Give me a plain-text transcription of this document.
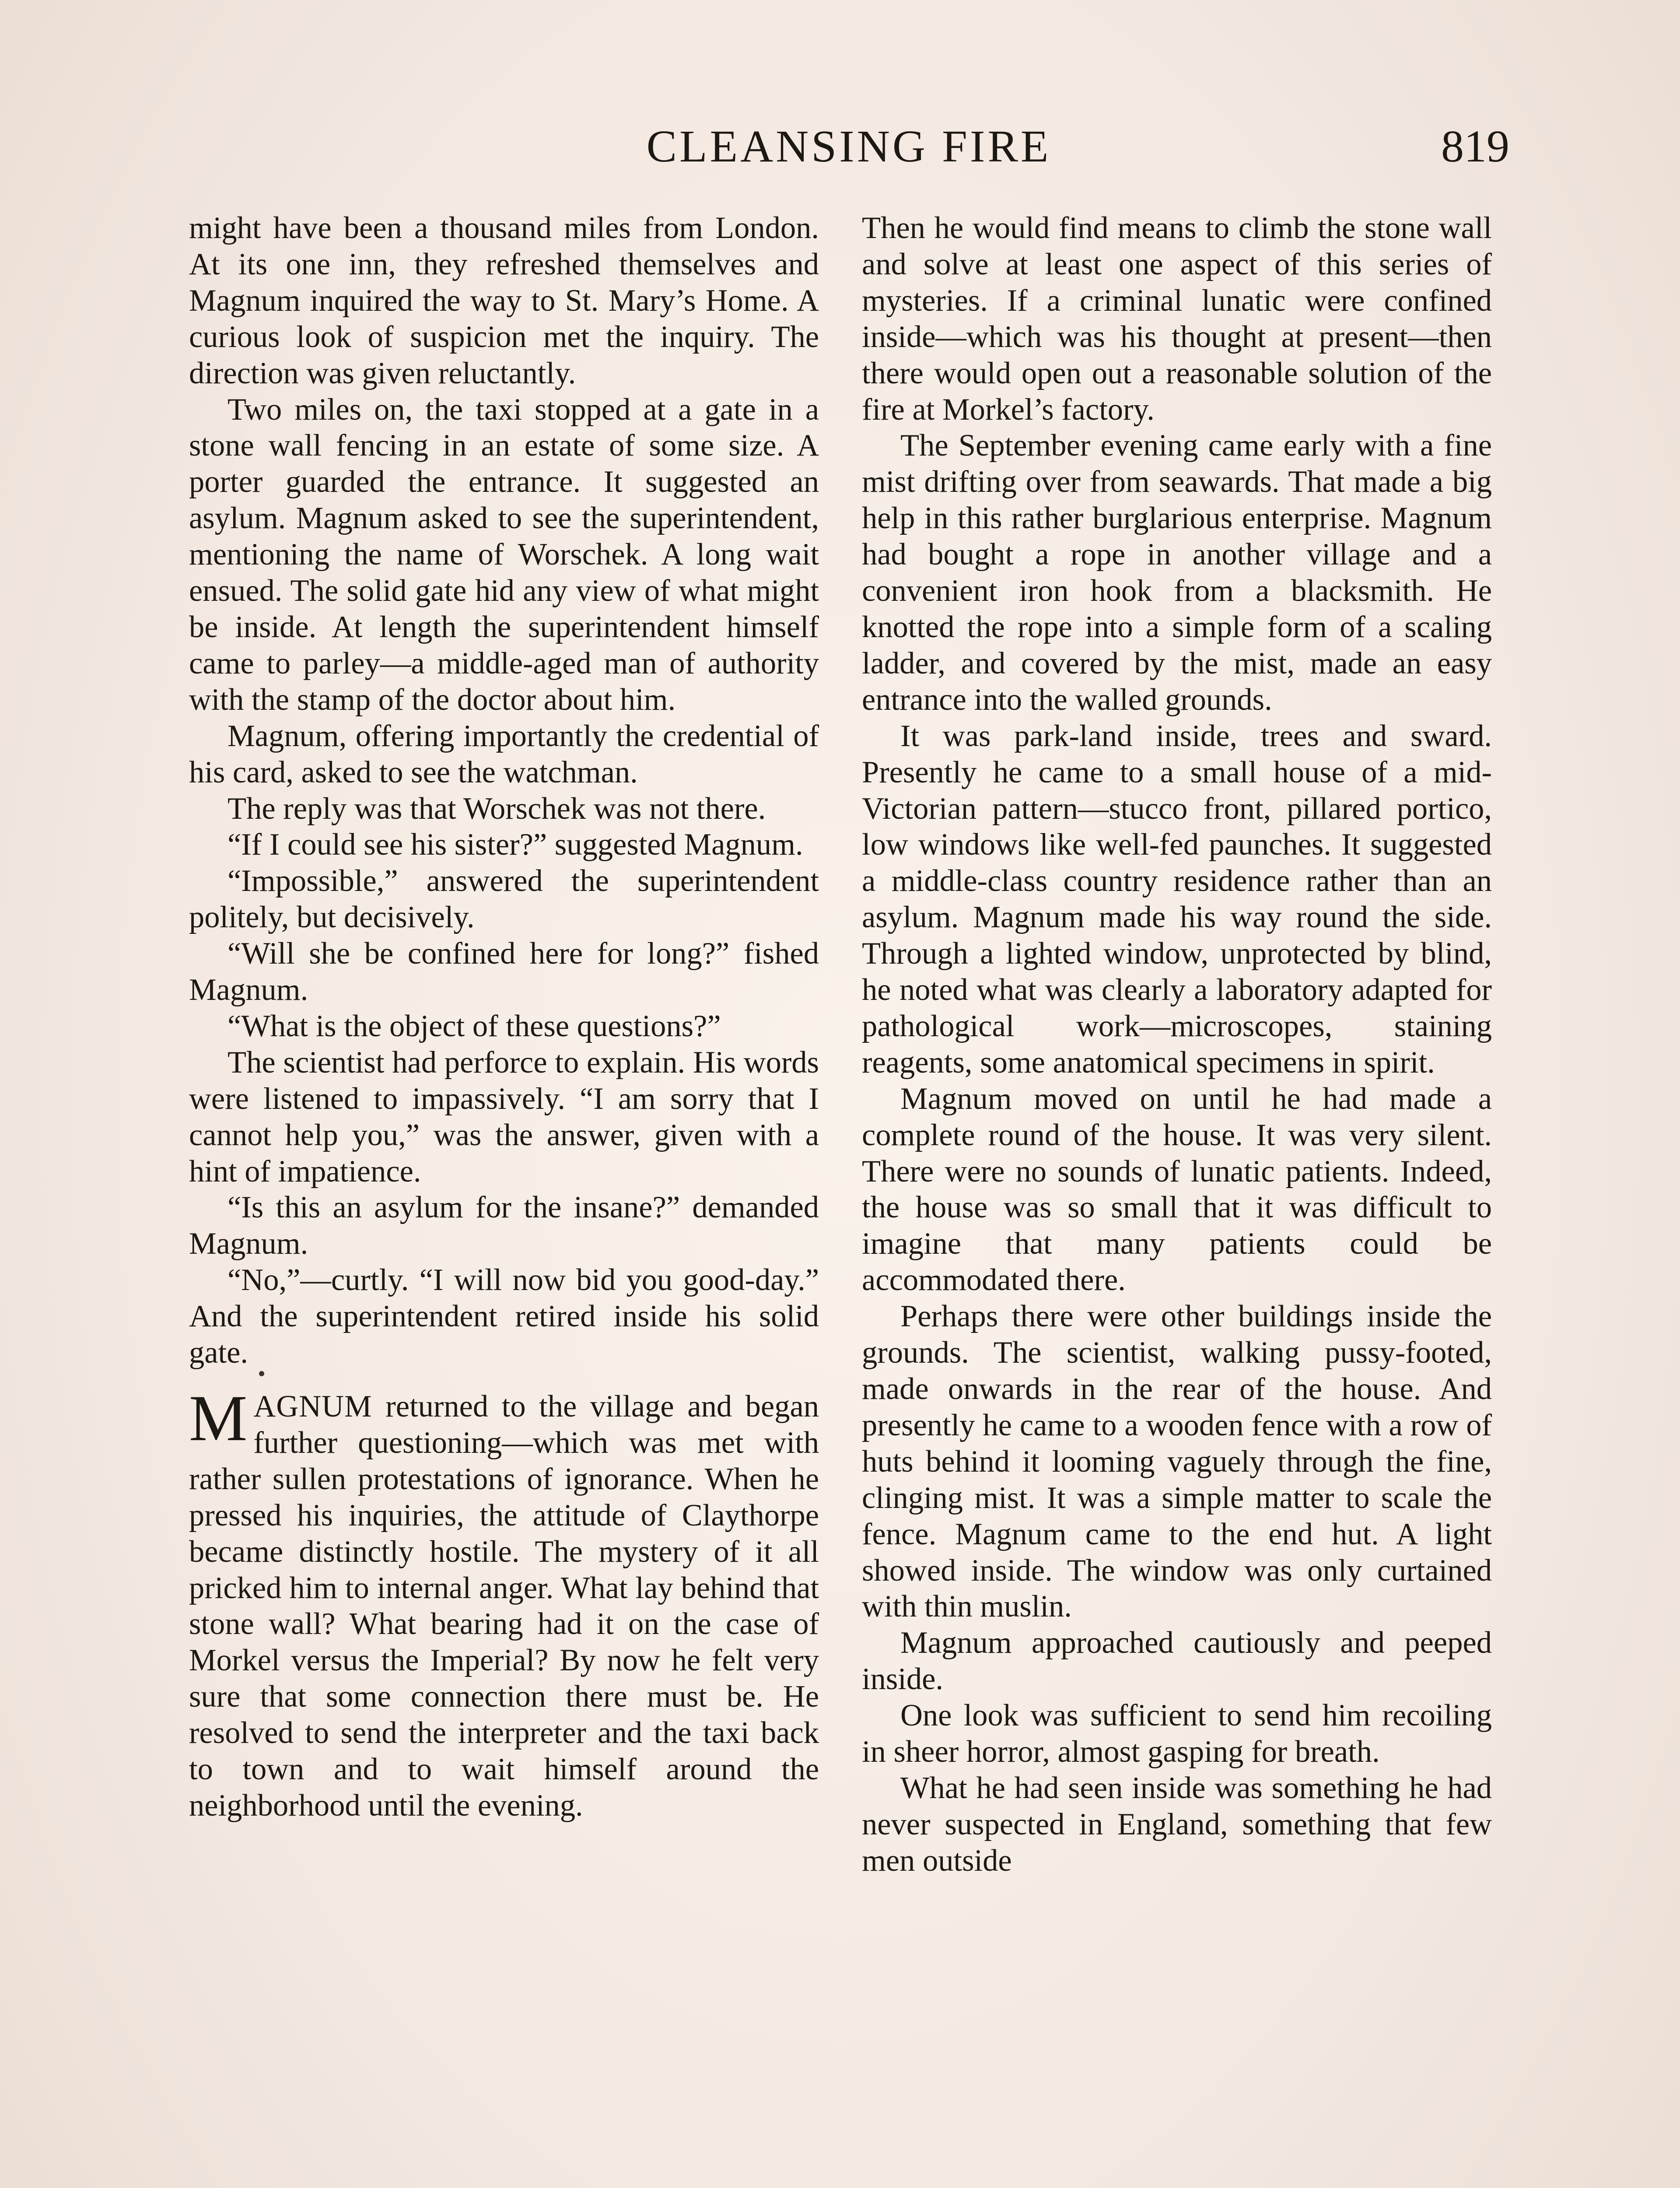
CLEANSING FIRE	819

might have been a thousand miles from London. At its one inn, they refreshed themselves and Magnum inquired the way to St. Mary’s Home. A curious look of suspicion met the inquiry. The direction was given reluctantly.

Two miles on, the taxi stopped at a gate in a stone wall fencing in an estate of some size. A porter guarded the entrance. It suggested an asylum. Magnum asked to see the superintendent, mentioning the name of Worschek. A long wait ensued. The solid gate hid any view of what might be inside. At length the superintendent himself came to parley—a middle-aged man of authority with the stamp of the doctor about him.

Magnum, offering importantly the credential of his card, asked to see the watchman.

The reply was that Worschek was not there.

“If I could see his sister?” suggested Magnum.

“Impossible,” answered the superintendent politely, but decisively.

“Will she be confined here for long?” fished Magnum.

“What is the object of these questions?”

The scientist had perforce to explain. His words were listened to impassively. “I am sorry that I cannot help you,” was the answer, given with a hint of impatience.

“Is this an asylum for the insane?” demanded Magnum.

“No,”—curtly. “I will now bid you good-day.” And the superintendent retired inside his solid gate.

MAGNUM returned to the village and began further questioning—which was met with rather sullen protestations of ignorance. When he pressed his inquiries, the attitude of Claythorpe became distinctly hostile. The mystery of it all pricked him to internal anger. What lay behind that stone wall? What bearing had it on the case of Morkel versus the Imperial? By now he felt very sure that some connection there must be. He resolved to send the interpreter and the taxi back to town and to wait himself around the neighborhood until the evening.

Then he would find means to climb the stone wall and solve at least one aspect of this series of mysteries. If a criminal lunatic were confined inside—which was his thought at present—then there would open out a reasonable solution of the fire at Morkel’s factory.

The September evening came early with a fine mist drifting over from seawards. That made a big help in this rather burglarious enterprise. Magnum had bought a rope in another village and a convenient iron hook from a blacksmith. He knotted the rope into a simple form of a scaling ladder, and covered by the mist, made an easy entrance into the walled grounds.

It was park-land inside, trees and sward. Presently he came to a small house of a mid-Victorian pattern—stucco front, pillared portico, low windows like well-fed paunches. It suggested a middle-class country residence rather than an asylum. Magnum made his way round the side. Through a lighted window, unprotected by blind, he noted what was clearly a laboratory adapted for pathological work—microscopes, staining reagents, some anatomical specimens in spirit.

Magnum moved on until he had made a complete round of the house. It was very silent. There were no sounds of lunatic patients. Indeed, the house was so small that it was difficult to imagine that many patients could be accommodated there.

Perhaps there were other buildings inside the grounds. The scientist, walking pussy-footed, made onwards in the rear of the house. And presently he came to a wooden fence with a row of huts behind it looming vaguely through the fine, clinging mist. It was a simple matter to scale the fence. Magnum came to the end hut. A light showed inside. The window was only curtained with thin muslin.

Magnum approached cautiously and peeped inside.

One look was sufficient to send him recoiling in sheer horror, almost gasping for breath.

What he had seen inside was something he had never suspected in England, something that few men outside
